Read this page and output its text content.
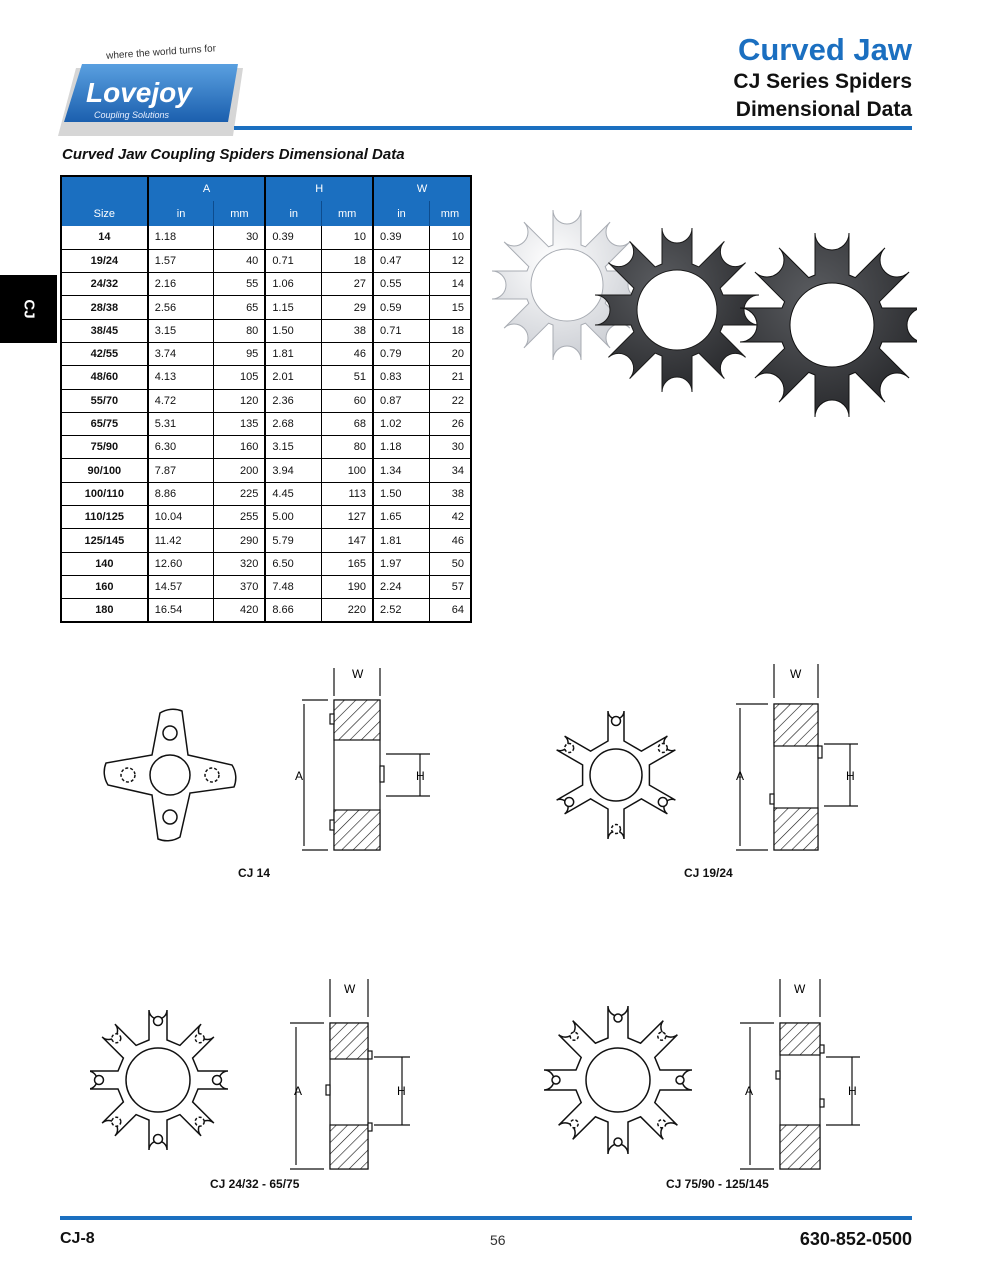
where the world turns for
Lovejoy
Coupling Solutions
Curved Jaw
CJ Series Spiders
Dimensional Data
CJ
Curved Jaw Coupling Spiders Dimensional Data
	A		H		W	
Size	in	mm	in	mm	in	mm
14	1.18	30	0.39	10	0.39	10
19/24	1.57	40	0.71	18	0.47	12
24/32	2.16	55	1.06	27	0.55	14
28/38	2.56	65	1.15	29	0.59	15
38/45	3.15	80	1.50	38	0.71	18
42/55	3.74	95	1.81	46	0.79	20
48/60	4.13	105	2.01	51	0.83	21
55/70	4.72	120	2.36	60	0.87	22
65/75	5.31	135	2.68	68	1.02	26
75/90	6.30	160	3.15	80	1.18	30
90/100	7.87	200	3.94	100	1.34	34
100/110	8.86	225	4.45	113	1.50	38
110/125	10.04	255	5.00	127	1.65	42
125/145	11.42	290	5.79	147	1.81	46
140	12.60	320	6.50	165	1.97	50
160	14.57	370	7.48	190	2.24	57
180	16.54	420	8.66	220	2.52	64
W
A	H
CJ 14
W
A	H
CJ 19/24
W
A	H
CJ 24/32 - 65/75
W
A	H
CJ 75/90 - 125/145
CJ-8	56	630-852-0500
